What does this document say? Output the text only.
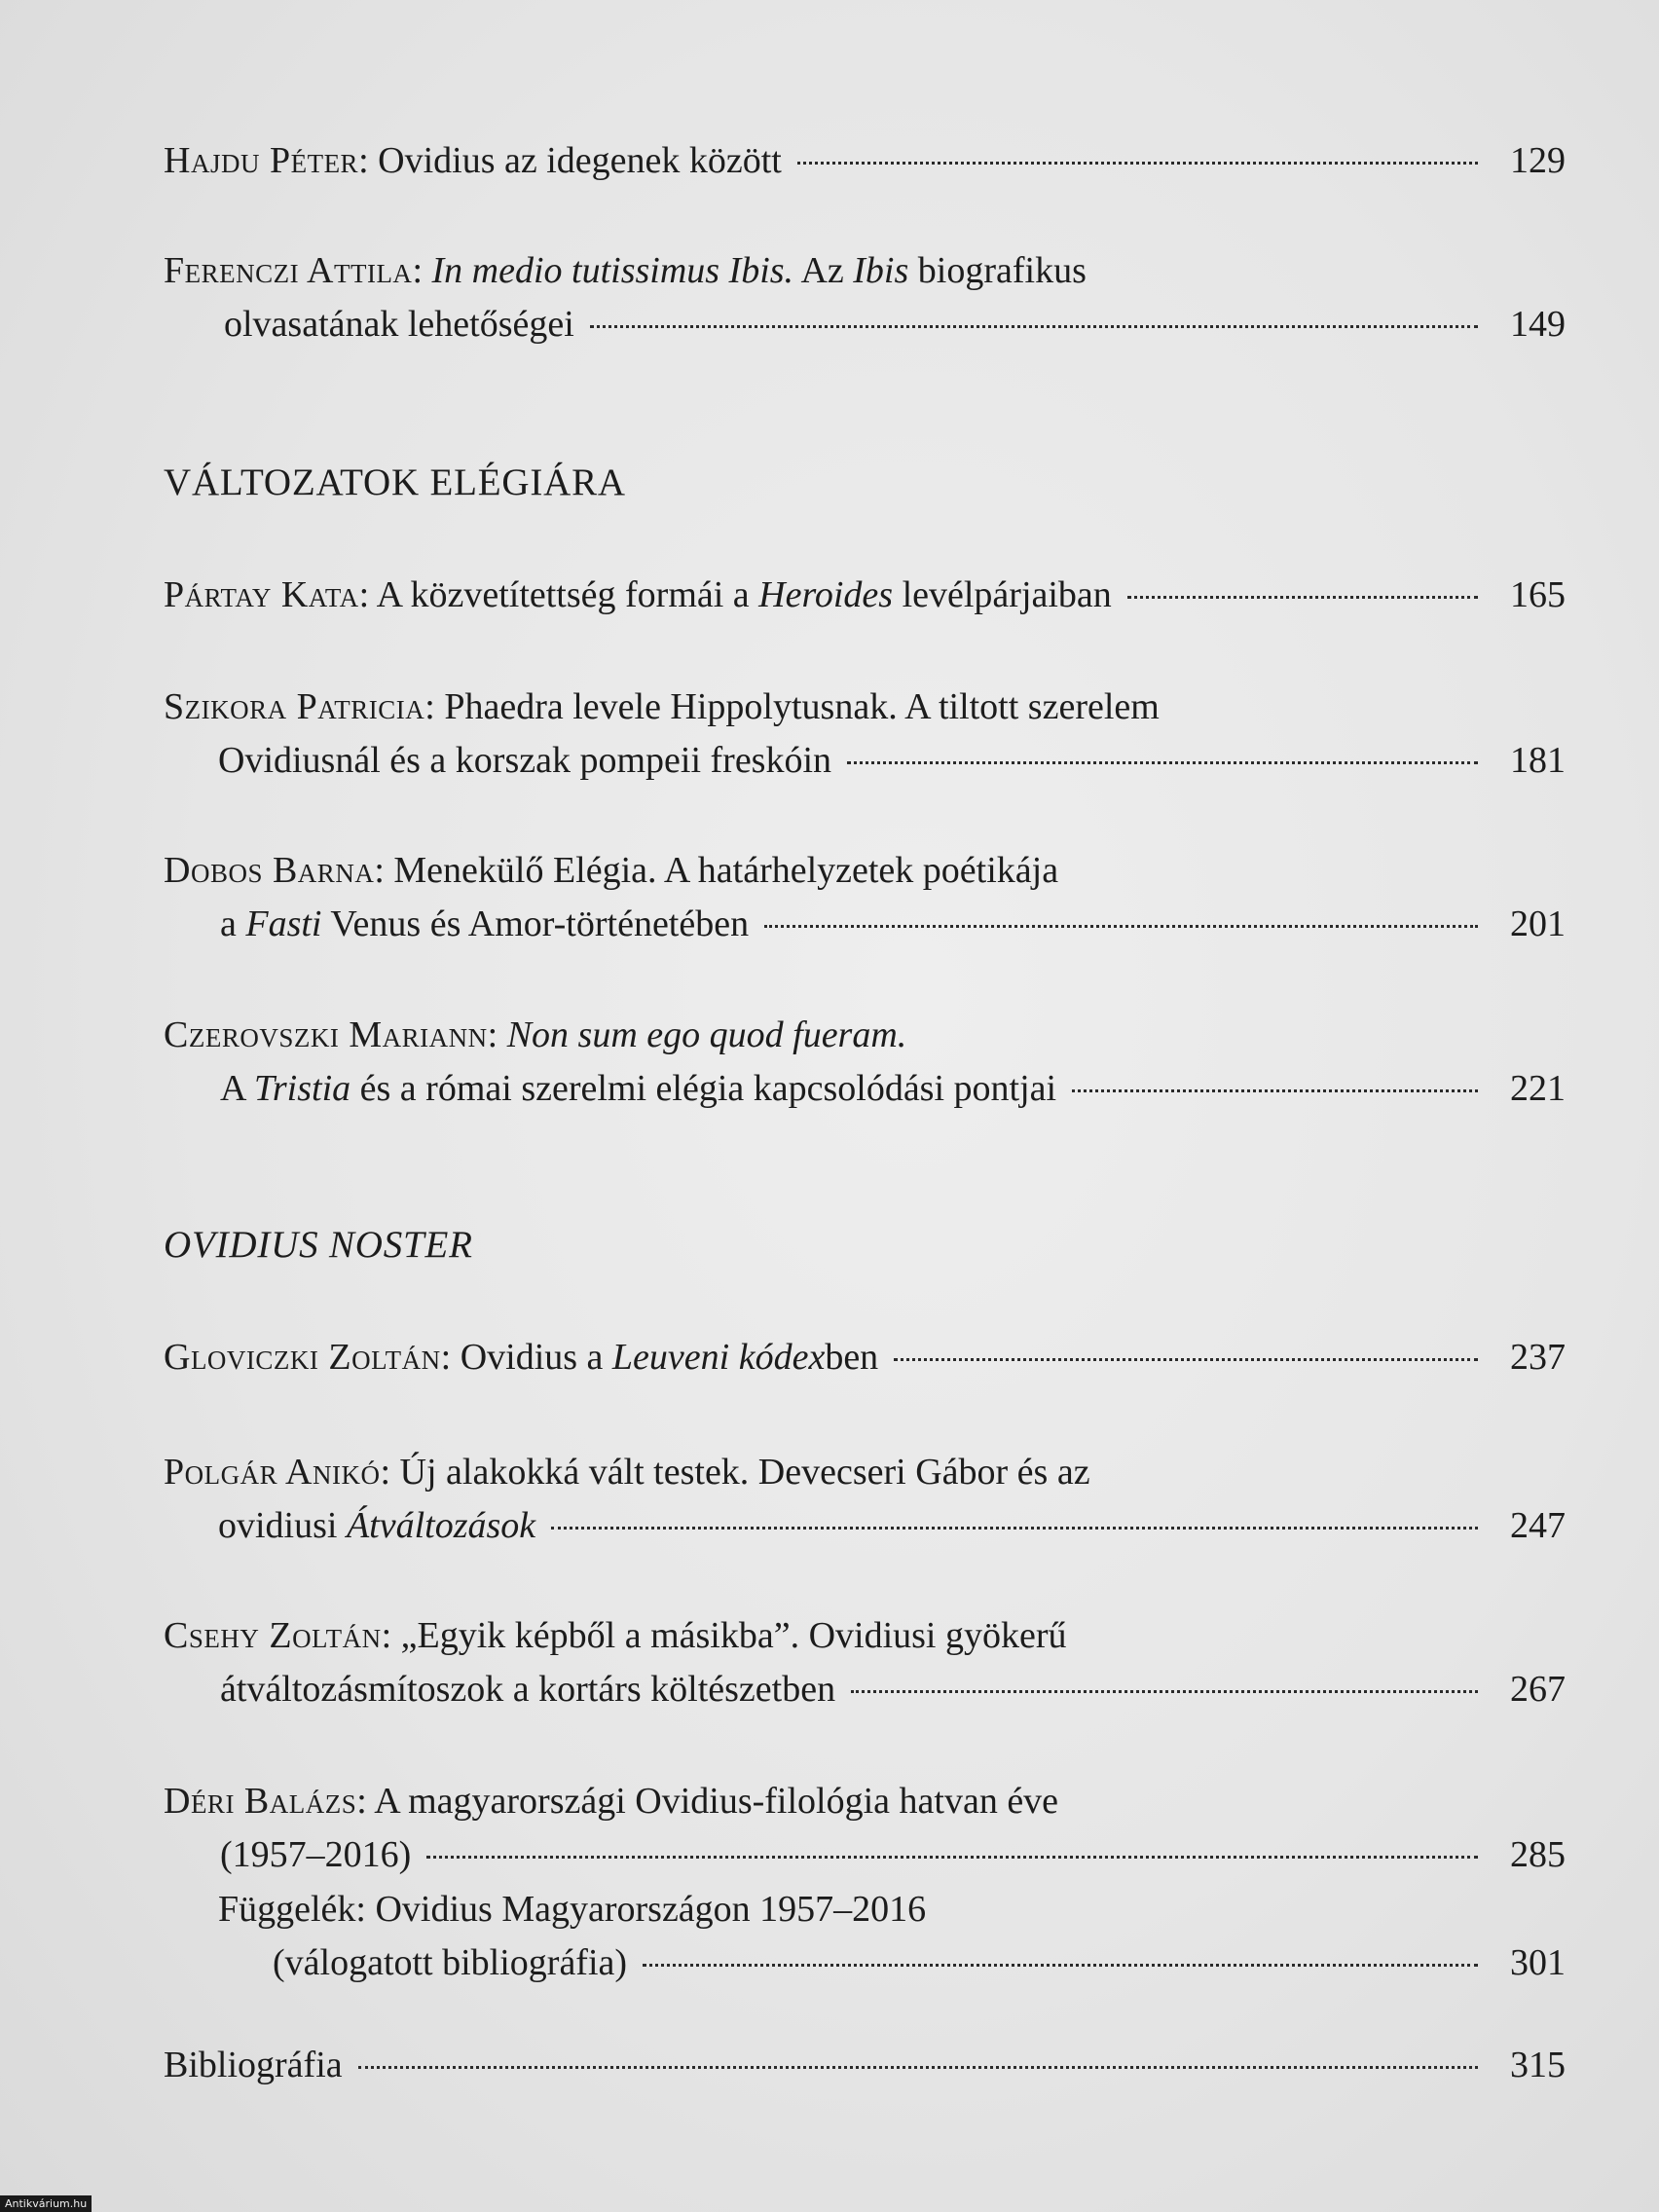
VÁLTOZATOK ELÉGIÁRA
OVIDIUS NOSTER
Hajdu Péter: Ovidius az idegenek között	129
Ferenczi Attila: In medio tutissimus Ibis. Az Ibis biografikus
olvasatának lehetőségei	149
Pártay Kata: A közvetítettség formái a Heroides levélpárjaiban	165
Szikora Patricia: Phaedra levele Hippolytusnak. A tiltott szerelem
Ovidiusnál és a korszak pompeii freskóin	181
Dobos Barna: Menekülő Elégia. A határhelyzetek poétikája
a Fasti Venus és Amor-történetében	201
Czerovszki Mariann: Non sum ego quod fueram.
A Tristia és a római szerelmi elégia kapcsolódási pontjai	221
Gloviczki Zoltán: Ovidius a Leuveni kódexben	237
Polgár Anikó: Új alakokká vált testek. Devecseri Gábor és az
ovidiusi Átváltozások	247
Csehy Zoltán: „Egyik képből a másikba”. Ovidiusi gyökerű
átváltozásmítoszok a kortárs költészetben	267
Déri Balázs: A magyarországi Ovidius-filológia hatvan éve
(1957–2016)	285
Függelék: Ovidius Magyarországon 1957–2016
(válogatott bibliográfia)	301
Bibliográfia	315
Antikvárium.hu
